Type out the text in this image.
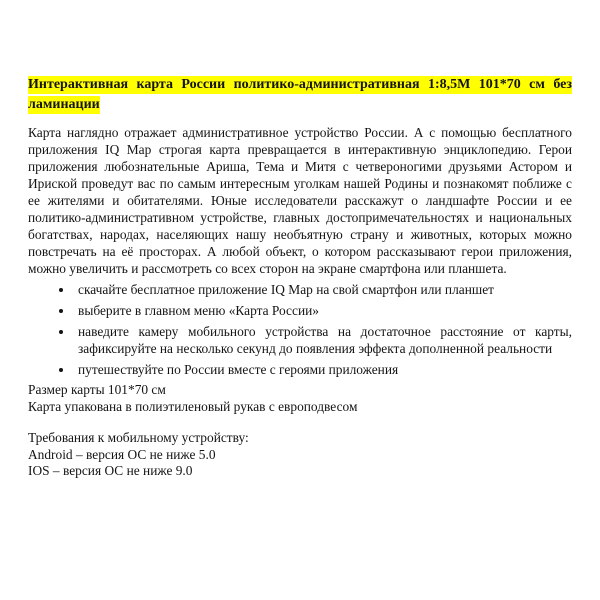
Интерактивная карта России политико-административная 1:8,5М 101*70 см без ламинации

Карта наглядно отражает административное устройство России. А с помощью бесплатного приложения IQ Map строгая карта превращается в интерактивную энциклопедию. Герои приложения любознательные Ариша, Тема и Митя с четвероногими друзьями Астором и Ириской проведут вас по самым интересным уголкам нашей Родины и познакомят поближе с ее жителями и обитателями. Юные исследователи расскажут о ландшафте России и ее политико-административном устройстве, главных достопримечательностях и национальных богатствах, народах, населяющих нашу необъятную страну и животных, которых можно повстречать на её просторах. А любой объект, о котором рассказывают герои приложения, можно увеличить и рассмотреть со всех сторон на экране смартфона или планшета.

• скачайте бесплатное приложение IQ Map на свой смартфон или планшет
• выберите в главном меню «Карта России»
• наведите камеру мобильного устройства на достаточное расстояние от карты, зафиксируйте на несколько секунд до появления эффекта дополненной реальности
• путешествуйте по России вместе с героями приложения

Размер карты 101*70 см

Карта упакована в полиэтиленовый рукав с европодвесом

Требования к мобильному устройству:

Android – версия ОС не ниже 5.0

IOS – версия ОС не ниже 9.0
